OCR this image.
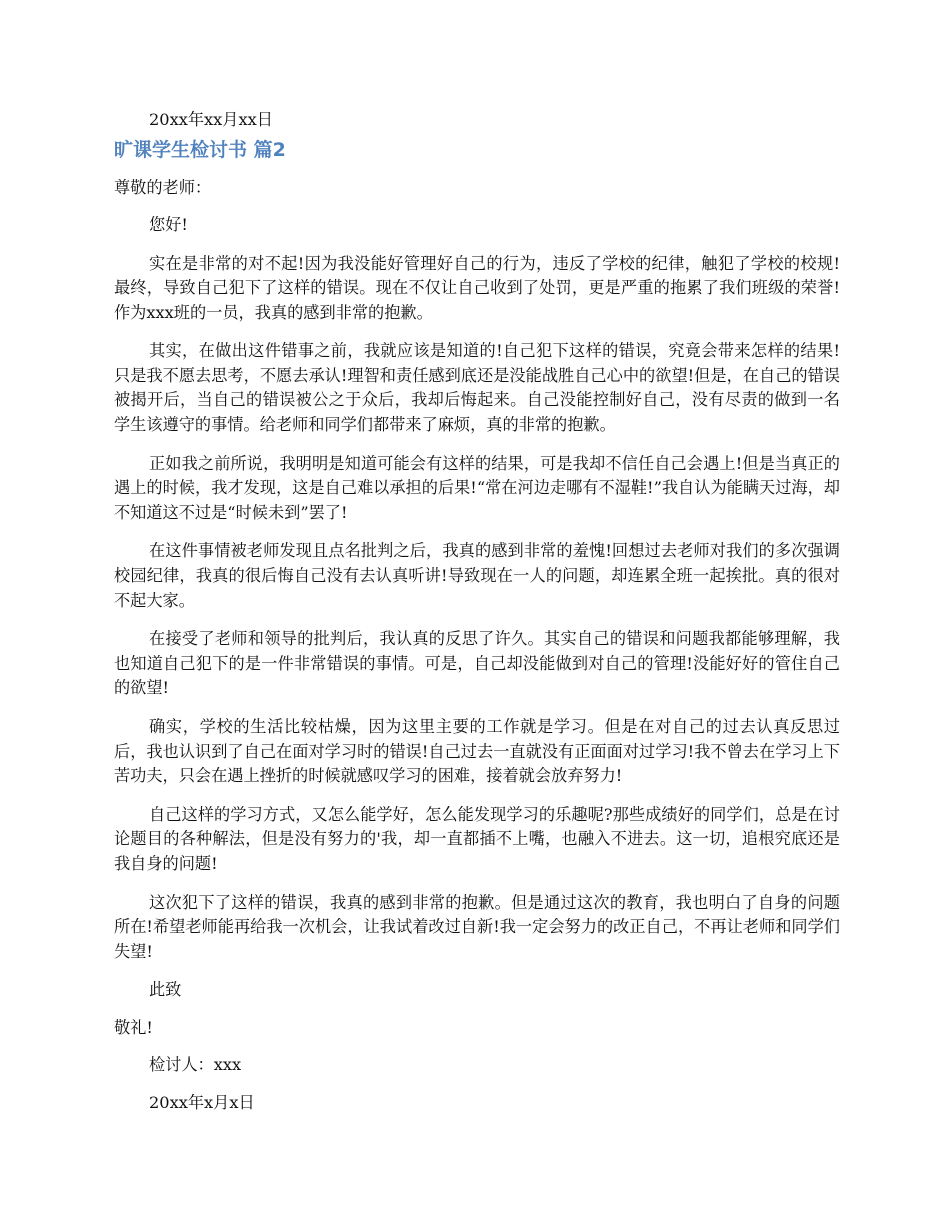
20xx年xx月xx日

旷课学生检讨书 篇2

尊敬的老师：

您好!

实在是非常的对不起!因为我没能好管理好自己的行为，违反了学校的纪律，触犯了学校的校规!最终，导致自己犯下了这样的错误。现在不仅让自己收到了处罚，更是严重的拖累了我们班级的荣誉!作为xxx班的一员，我真的感到非常的抱歉。

其实，在做出这件错事之前，我就应该是知道的!自己犯下这样的错误，究竟会带来怎样的结果!只是我不愿去思考，不愿去承认!理智和责任感到底还是没能战胜自己心中的欲望!但是，在自己的错误被揭开后，当自己的错误被公之于众后，我却后悔起来。自己没能控制好自己，没有尽责的做到一名学生该遵守的事情。给老师和同学们都带来了麻烦，真的非常的抱歉。

正如我之前所说，我明明是知道可能会有这样的结果，可是我却不信任自己会遇上!但是当真正的遇上的时候，我才发现，这是自己难以承担的后果!“常在河边走哪有不湿鞋!”我自认为能瞒天过海，却不知道这不过是“时候未到”罢了!

在这件事情被老师发现且点名批判之后，我真的感到非常的羞愧!回想过去老师对我们的多次强调校园纪律，我真的很后悔自己没有去认真听讲!导致现在一人的问题，却连累全班一起挨批。真的很对不起大家。

在接受了老师和领导的批判后，我认真的反思了许久。其实自己的错误和问题我都能够理解，我也知道自己犯下的是一件非常错误的事情。可是，自己却没能做到对自己的管理!没能好好的管住自己的欲望!

确实，学校的生活比较枯燥，因为这里主要的工作就是学习。但是在对自己的过去认真反思过后，我也认识到了自己在面对学习时的错误!自己过去一直就没有正面面对过学习!我不曾去在学习上下苦功夫，只会在遇上挫折的时候就感叹学习的困难，接着就会放弃努力!

自己这样的学习方式，又怎么能学好，怎么能发现学习的乐趣呢?那些成绩好的同学们，总是在讨论题目的各种解法，但是没有努力的'我，却一直都插不上嘴，也融入不进去。这一切，追根究底还是我自身的问题!

这次犯下了这样的错误，我真的感到非常的抱歉。但是通过这次的教育，我也明白了自身的问题所在!希望老师能再给我一次机会，让我试着改过自新!我一定会努力的改正自己，不再让老师和同学们失望!

此致

敬礼!

检讨人：xxx

20xx年x月x日
